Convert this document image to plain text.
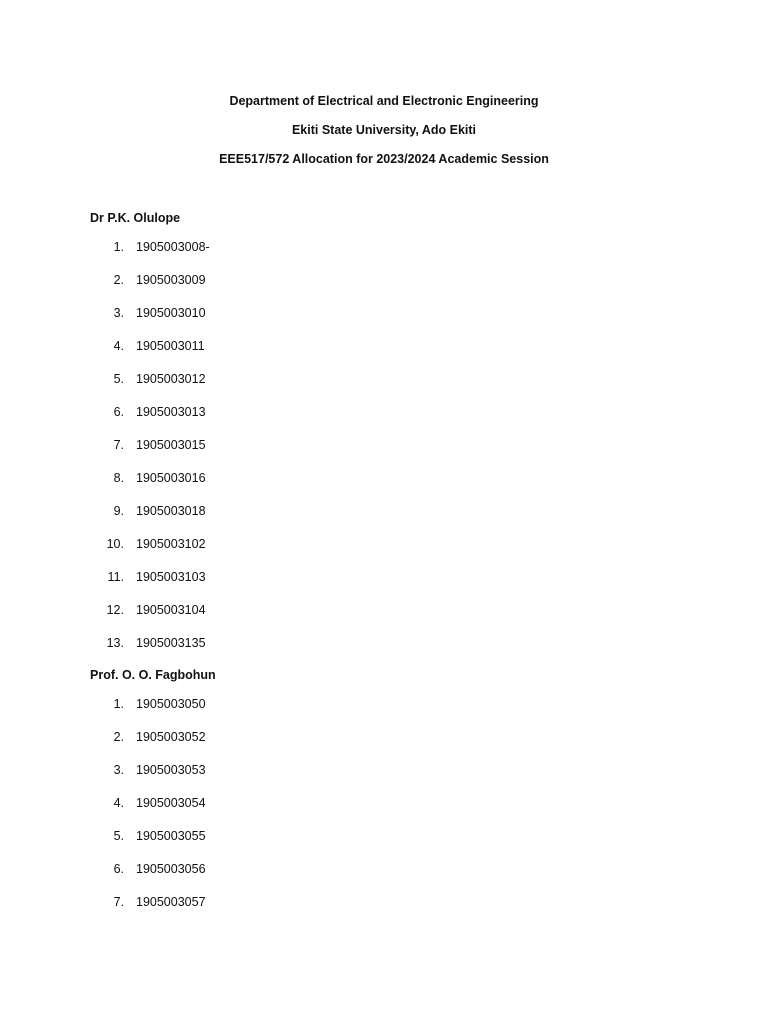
Department of Electrical and Electronic Engineering
Ekiti State University, Ado Ekiti
EEE517/572 Allocation for 2023/2024 Academic Session
Dr P.K. Olulope
1. 1905003008-
2. 1905003009
3. 1905003010
4. 1905003011
5. 1905003012
6. 1905003013
7. 1905003015
8. 1905003016
9. 1905003018
10. 1905003102
11. 1905003103
12. 1905003104
13. 1905003135
Prof. O. O. Fagbohun
1. 1905003050
2. 1905003052
3. 1905003053
4. 1905003054
5. 1905003055
6. 1905003056
7. 1905003057
